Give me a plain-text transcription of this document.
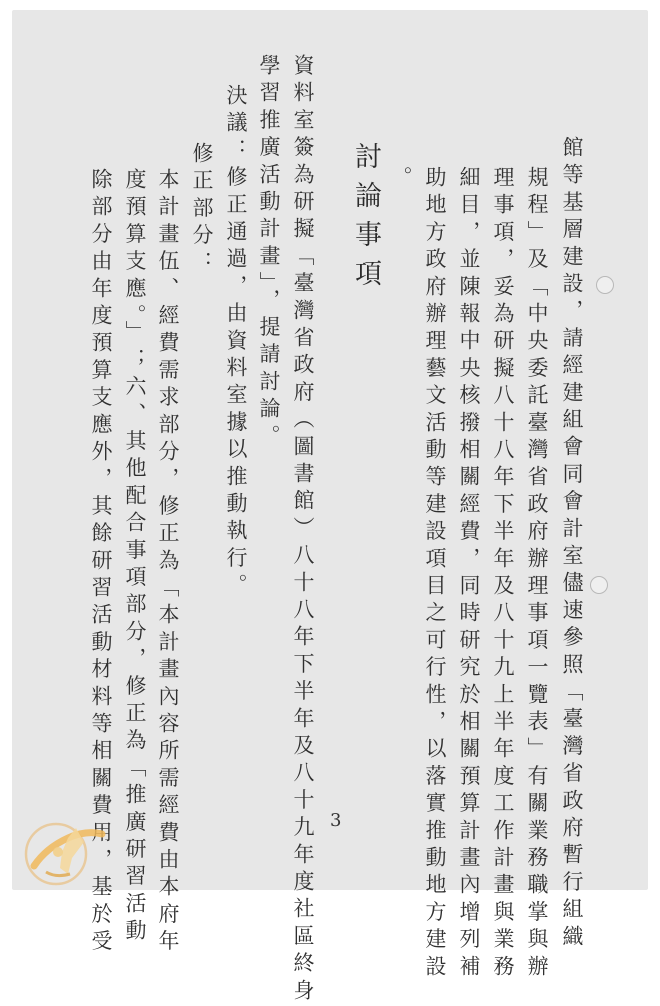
館等基層建設，請經建組會同會計室儘速參照「臺灣省政府暫行組織
規程」及「中央委託臺灣省政府辦理事項一覽表」有關業務職掌與辦
理事項，妥為研擬八十八年下半年及八十九上半年度工作計畫與業務
細目，並陳報中央核撥相關經費，同時研究於相關預算計畫內增列補
助地方政府辦理藝文活動等建設項目之可行性，以落實推動地方建設
。
討論事項
資料室簽為研擬「臺灣省政府（圖書館）八十八年下半年及八十九年度社區終身
學習推廣活動計畫」，提請討論。
決議：修正通過，由資料室據以推動執行。
修正部分：
本計畫伍、經費需求部分，修正為「本計畫內容所需經費由本府年
度預算支應。」；六、其他配合事項部分，修正為「推廣研習活動
除部分由年度預算支應外，其餘研習活動材料等相關費用，基於受	3
